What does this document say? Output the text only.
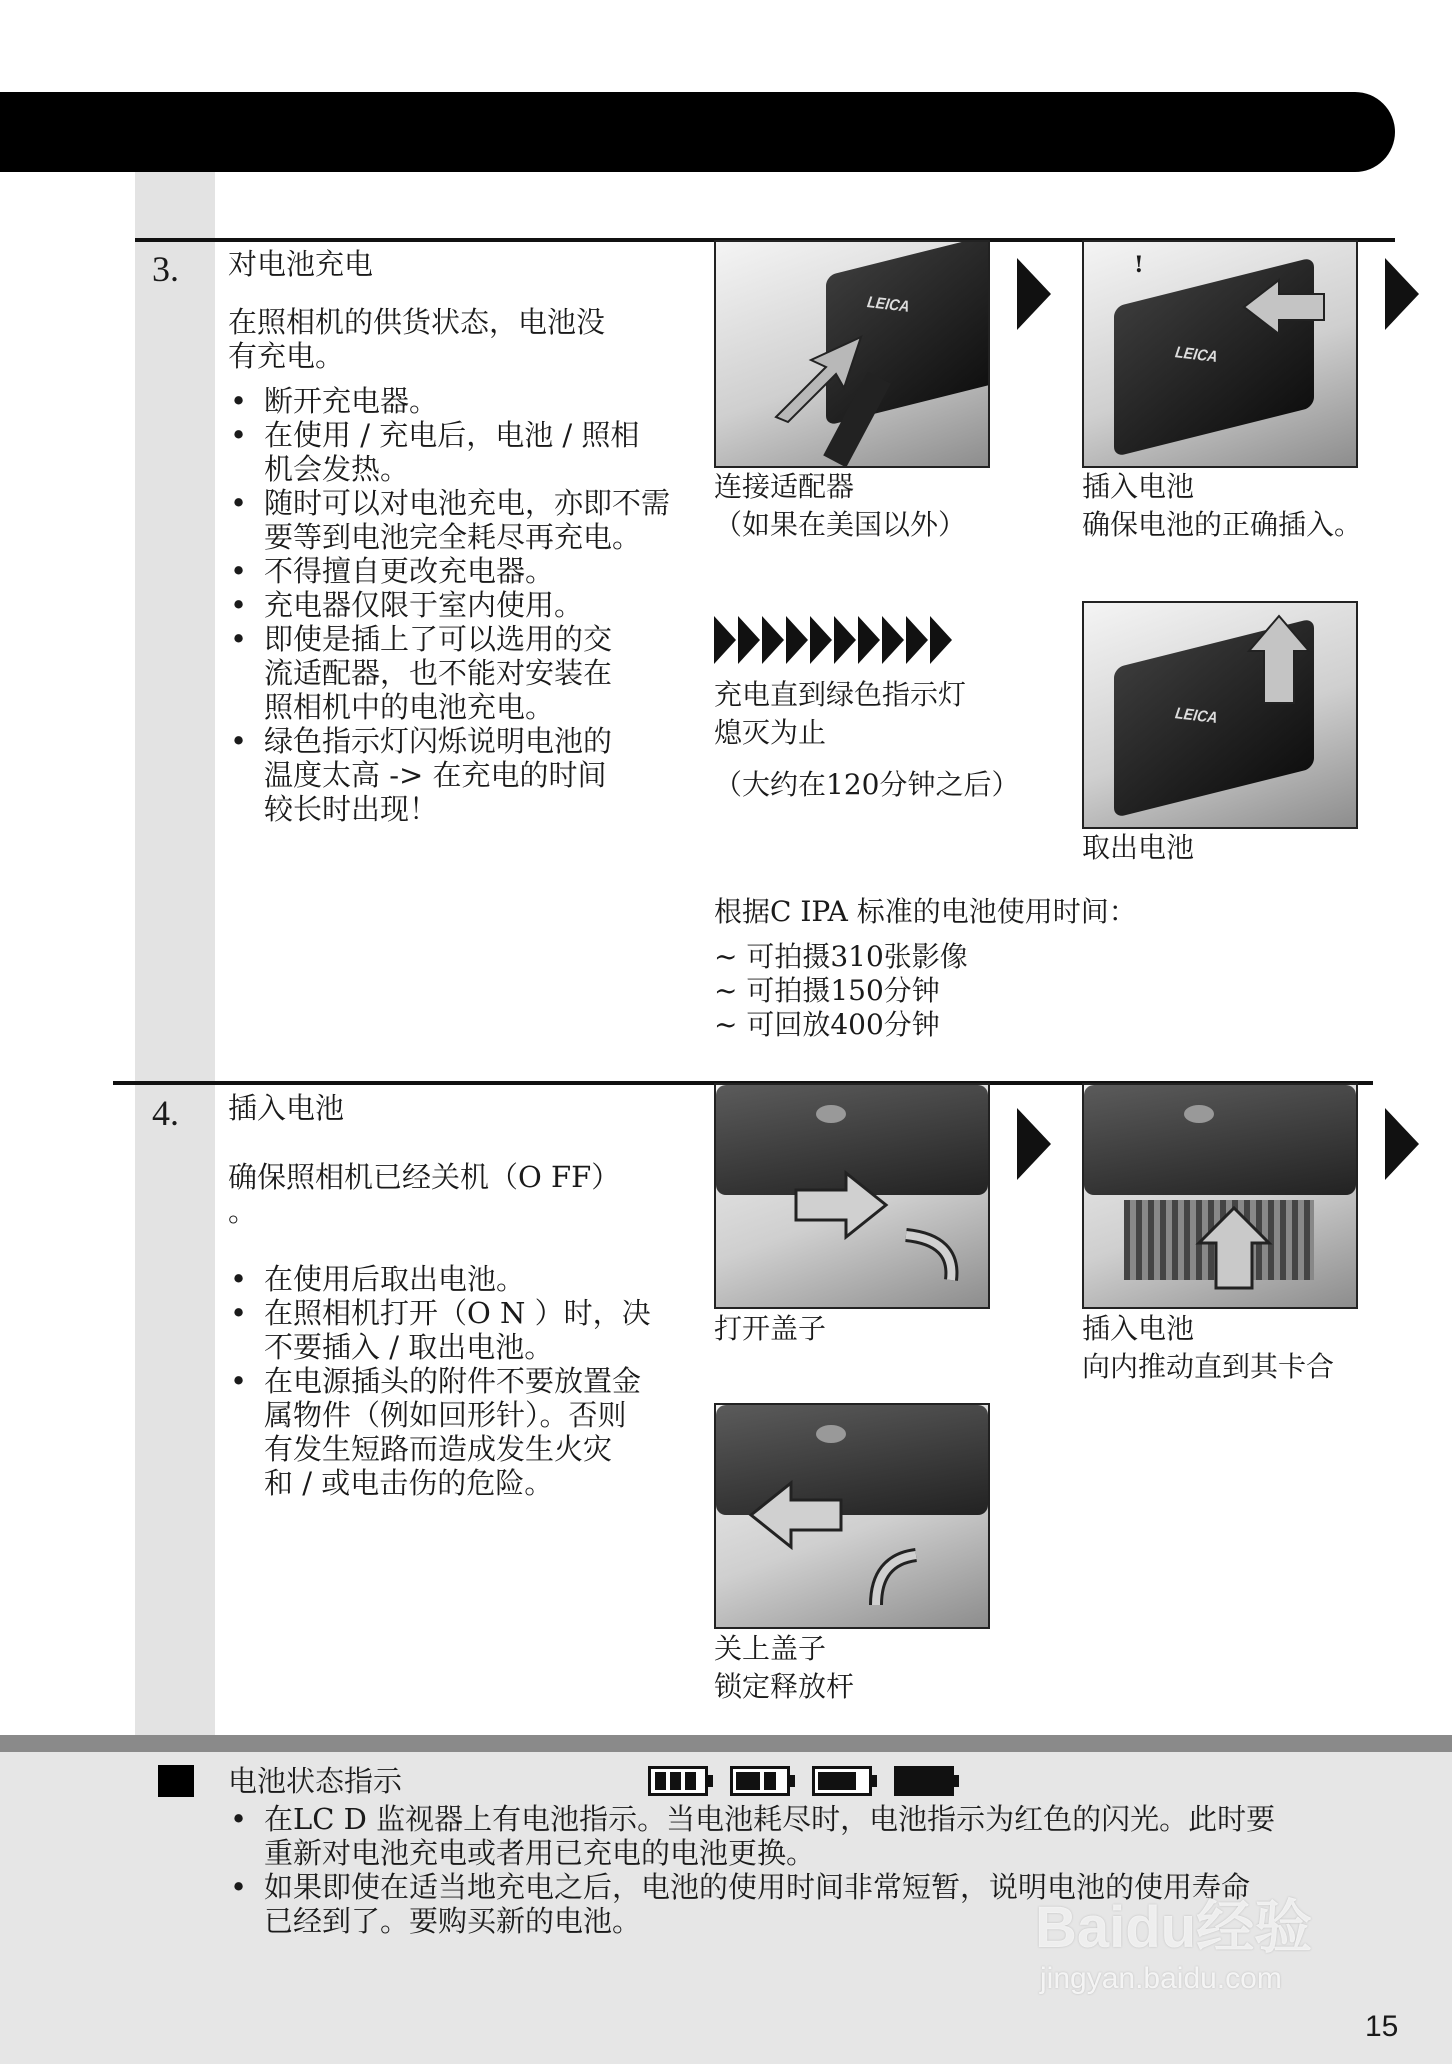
3. 对电池充电
在照相机的供货状态，电池没
有充电。
• 断开充电器。
• 在使用 / 充电后，电池 / 照相
机会发热。
• 随时可以对电池充电，亦即不需
要等到电池完全耗尽再充电。
• 不得擅自更改充电器。
• 充电器仅限于室内使用。
• 即使是插上了可以选用的交
流适配器，也不能对安装在
照相机中的电池充电。
• 绿色指示灯闪烁说明电池的
温度太高 -> 在充电的时间
较长时出现！
LEICA
连接适配器
（如果在美国以外）
LEICA
!
插入电池
确保电池的正确插入。
充电直到绿色指示灯
熄灭为止
（大约在120分钟之后）
LEICA
取出电池
根据C IPA 标准的电池使用时间：
~ 可拍摄310张影像
~ 可拍摄150分钟
~ 可回放400分钟
4. 插入电池
确保照相机已经关机（O FF）
。
• 在使用后取出电池。
• 在照相机打开（O N ）时，决
不要插入 / 取出电池。
• 在电源插头的附件不要放置金
属物件（例如回形针）。否则
有发生短路而造成发生火灾
和 / 或电击伤的危险。
打开盖子	插入电池
向内推动直到其卡合
关上盖子
锁定释放杆
电池状态指示
• 在LC D 监视器上有电池指示。当电池耗尽时，电池指示为红色的闪光。此时要
重新对电池充电或者用已充电的电池更换。
• 如果即使在适当地充电之后，电池的使用时间非常短暂，说明电池的使用寿命
已经到了。要购买新的电池。	Baidu经验
jingyan.baidu.com
15
